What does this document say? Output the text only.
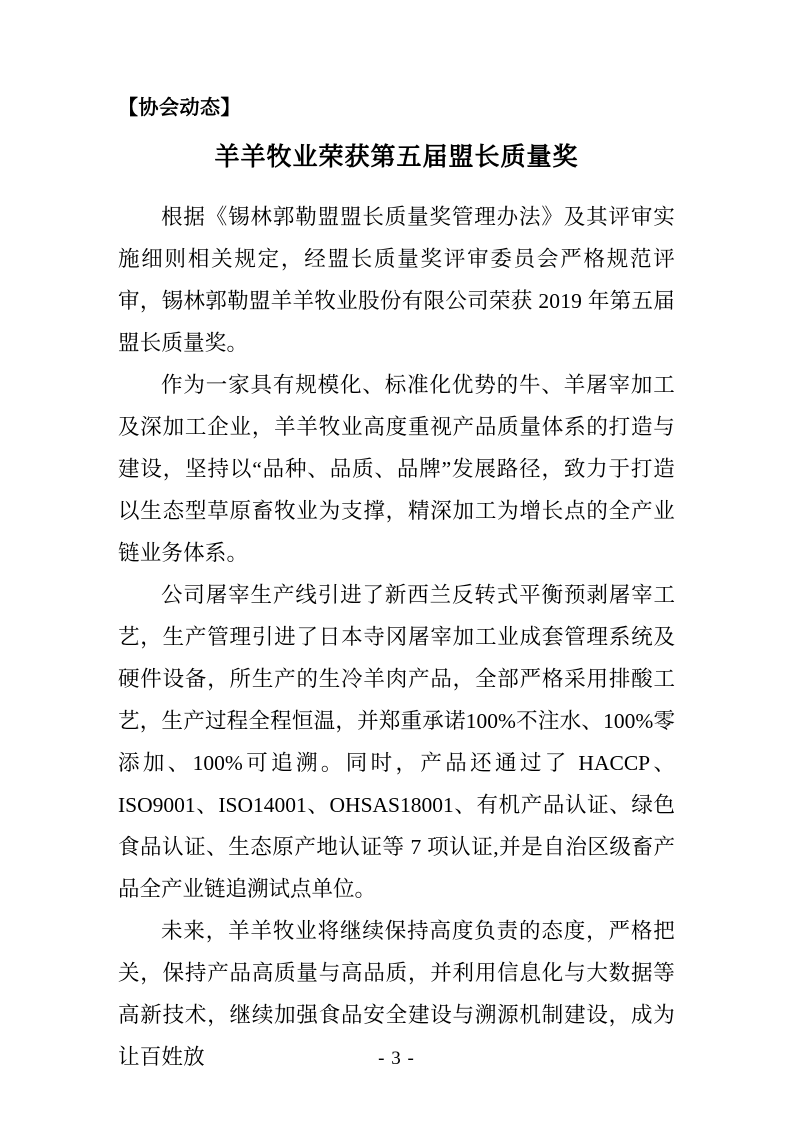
【协会动态】
羊羊牧业荣获第五届盟长质量奖

根据《锡林郭勒盟盟长质量奖管理办法》及其评审实施细则相关规定，经盟长质量奖评审委员会严格规范评审，锡林郭勒盟羊羊牧业股份有限公司荣获 2019 年第五届盟长质量奖。

作为一家具有规模化、标准化优势的牛、羊屠宰加工及深加工企业，羊羊牧业高度重视产品质量体系的打造与建设，坚持以“品种、品质、品牌”发展路径，致力于打造以生态型草原畜牧业为支撑，精深加工为增长点的全产业链业务体系。

公司屠宰生产线引进了新西兰反转式平衡预剥屠宰工艺，生产管理引进了日本寺冈屠宰加工业成套管理系统及硬件设备，所生产的生冷羊肉产品，全部严格采用排酸工艺，生产过程全程恒温，并郑重承诺100%不注水、100%零添加、100%可追溯。同时，产品还通过了 HACCP、ISO9001、ISO14001、OHSAS18001、有机产品认证、绿色食品认证、生态原产地认证等 7 项认证,并是自治区级畜产品全产业链追溯试点单位。

未来，羊羊牧业将继续保持高度负责的态度，严格把关，保持产品高质量与高品质，并利用信息化与大数据等高新技术，继续加强食品安全建设与溯源机制建设，成为让百姓放	- 3 -
